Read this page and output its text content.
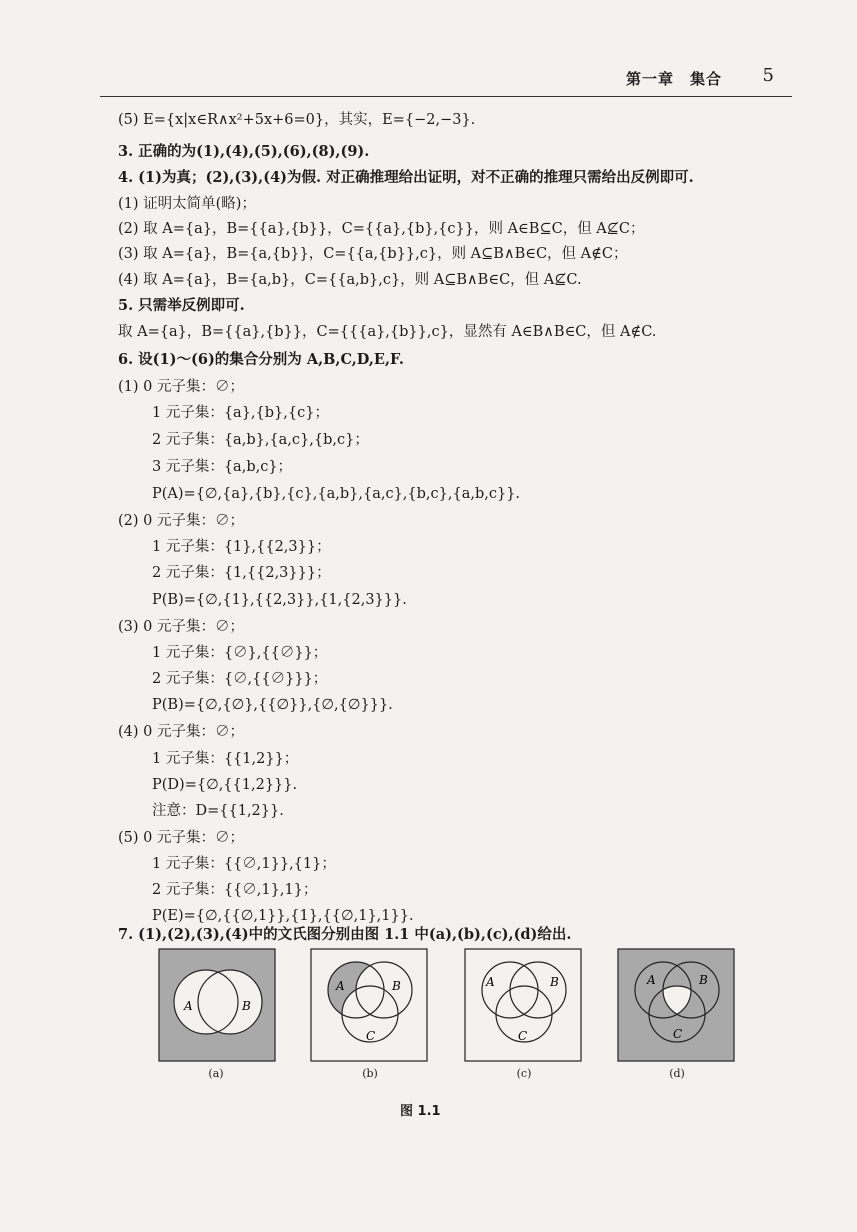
第一章　集合 5
(5) E={x|x∈R∧x²+5x+6=0}，其实，E={−2,−3}.
3. 正确的为(1),(4),(5),(6),(8),(9).
4. (1)为真；(2),(3),(4)为假. 对正确推理给出证明，对不正确的推理只需给出反例即可.
(1) 证明太简单(略)；
(2) 取 A={a}，B={{a},{b}}，C={{a},{b},{c}}，则 A∈B⊆C，但 A⊈C；
(3) 取 A={a}，B={a,{b}}，C={{a,{b}},c}，则 A⊆B∧B∈C，但 A∉C；
(4) 取 A={a}，B={a,b}，C={{a,b},c}，则 A⊆B∧B∈C，但 A⊈C.
5. 只需举反例即可.
取 A={a}，B={{a},{b}}，C={{{a},{b}},c}，显然有 A∈B∧B∈C，但 A∉C.
6. 设(1)～(6)的集合分别为 A,B,C,D,E,F.
(1) 0 元子集：∅；
1 元子集：{a},{b},{c}；
2 元子集：{a,b},{a,c},{b,c}；
3 元子集：{a,b,c}；
P(A)={∅,{a},{b},{c},{a,b},{a,c},{b,c},{a,b,c}}.
(2) 0 元子集：∅；
1 元子集：{1},{{2,3}}；
2 元子集：{1,{{2,3}}}；
P(B)={∅,{1},{{2,3}},{1,{2,3}}}.
(3) 0 元子集：∅；
1 元子集：{∅},{{∅}}；
2 元子集：{∅,{{∅}}}；
P(B)={∅,{∅},{{∅}},{∅,{∅}}}.
(4) 0 元子集：∅；
1 元子集：{{1,2}}；
P(D)={∅,{{1,2}}}.
注意：D={{1,2}}.
(5) 0 元子集：∅；
1 元子集：{{∅,1}},{1}；
2 元子集：{{∅,1},1}；
P(E)={∅,{{∅,1}},{1},{{∅,1},1}}.
7. (1),(2),(3),(4)中的文氏图分别由图 1.1 中(a),(b),(c),(d)给出.
A	B
(a)
A	B
C
(b)
A	B
C
(c)
A	B
C
(d)
图 1.1
